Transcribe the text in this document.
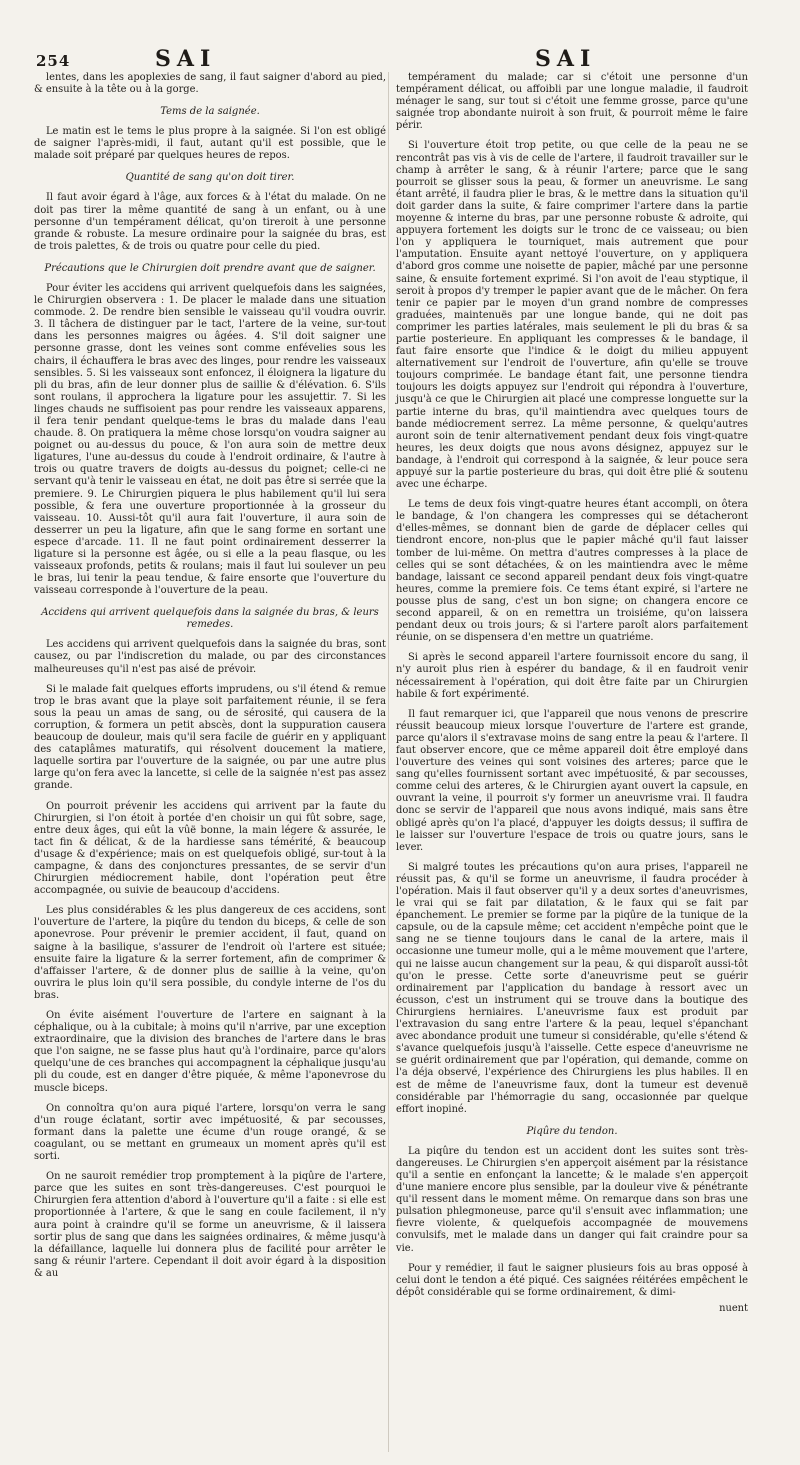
254	SAI	SAI

lentes, dans les apoplexies de sang, il faut saigner d'abord au pied, & ensuite à la tête ou à la gorge.

Tems de la saignée.

Le matin est le tems le plus propre à la saignée. Si l'on est obligé de saigner l'après-midi, il faut, autant qu'il est possible, que le malade soit préparé par quelques heures de repos.

Quantité de sang qu'on doit tirer.

Il faut avoir égard à l'âge, aux forces & à l'état du malade. On ne doit pas tirer la même quantité de sang à un enfant, ou à une personne d'un tempérament délicat, qu'on tireroit à une personne grande & robuste. La mesure ordinaire pour la saignée du bras, est de trois palettes, & de trois ou quatre pour celle du pied.

Précautions que le Chirurgien doit prendre avant que de saigner.

Pour éviter les accidens qui arrivent quelquefois dans les saignées, le Chirurgien observera : 1. De placer le malade dans une situation commode. 2. De rendre bien sensible le vaisseau qu'il voudra ouvrir. 3. Il tâchera de distinguer par le tact, l'artere de la veine, sur-tout dans les personnes maigres ou âgées. 4. S'il doit saigner une personne grasse, dont les veines sont comme enfévelies sous les chairs, il échauffera le bras avec des linges, pour rendre les vaisseaux sensibles. 5. Si les vaisseaux sont enfoncez, il éloignera la ligature du pli du bras, afin de leur donner plus de saillie & d'élévation. 6. S'ils sont roulans, il approchera la ligature pour les assujettir. 7. Si les linges chauds ne suffisoient pas pour rendre les vaisseaux apparens, il fera tenir pendant quelque-tems le bras du malade dans l'eau chaude. 8. On pratiquera la même chose lorsqu'on voudra saigner au poignet ou au-dessus du pouce, & l'on aura soin de mettre deux ligatures, l'une au-dessus du coude à l'endroit ordinaire, & l'autre à trois ou quatre travers de doigts au-dessus du poignet; celle-ci ne servant qu'à tenir le vaisseau en état, ne doit pas être si serrée que la premiere. 9. Le Chirurgien piquera le plus habilement qu'il lui sera possible, & fera une ouverture proportionnée à la grosseur du vaisseau. 10. Aussi-tôt qu'il aura fait l'ouverture, il aura soin de desserrer un peu la ligature, afin que le sang forme en sortant une espece d'arcade. 11. Il ne faut point ordinairement desserrer la ligature si la personne est âgée, ou si elle a la peau flasque, ou les vaisseaux profonds, petits & roulans; mais il faut lui soulever un peu le bras, lui tenir la peau tendue, & faire ensorte que l'ouverture du vaisseau corresponde à l'ouverture de la peau.

Accidens qui arrivent quelquefois dans la saignée du bras, & leurs remedes.

Les accidens qui arrivent quelquefois dans la saignée du bras, sont causez, ou par l'indiscretion du malade, ou par des circonstances malheureuses qu'il n'est pas aisé de prévoir.

Si le malade fait quelques efforts imprudens, ou s'il étend & remue trop le bras avant que la playe soit parfaitement réunie, il se fera sous la peau un amas de sang, ou de sérosité, qui causera de la corruption, & formera un petit abscès, dont la suppuration causera beaucoup de douleur, mais qu'il sera facile de guérir en y appliquant des cataplâmes maturatifs, qui résolvent doucement la matiere, laquelle sortira par l'ouverture de la saignée, ou par une autre plus large qu'on fera avec la lancette, si celle de la saignée n'est pas assez grande.

On pourroit prévenir les accidens qui arrivent par la faute du Chirurgien, si l'on étoit à portée d'en choisir un qui fût sobre, sage, entre deux âges, qui eût la vûë bonne, la main légere & assurée, le tact fin & délicat, & de la hardiesse sans témérité, & beaucoup d'usage & d'expérience; mais on est quelquefois obligé, sur-tout à la campagne, & dans des conjonctures pressantes, de se servir d'un Chirurgien médiocrement habile, dont l'opération peut être accompagnée, ou suivie de beaucoup d'accidens.

Les plus considérables & les plus dangereux de ces accidens, sont l'ouverture de l'artere, la piqûre du tendon du biceps, & celle de son aponevrose. Pour prévenir le premier accident, il faut, quand on saigne à la basilique, s'assurer de l'endroit où l'artere est située; ensuite faire la ligature & la serrer fortement, afin de comprimer & d'affaisser l'artere, & de donner plus de saillie à la veine, qu'on ouvrira le plus loin qu'il sera possible, du condyle interne de l'os du bras.

On évite aisément l'ouverture de l'artere en saignant à la céphalique, ou à la cubitale; à moins qu'il n'arrive, par une exception extraordinaire, que la division des branches de l'artere dans le bras que l'on saigne, ne se fasse plus haut qu'à l'ordinaire, parce qu'alors quelqu'une de ces branches qui accompagnent la céphalique jusqu'au pli du coude, est en danger d'être piquée, & même l'aponevrose du muscle biceps.

On connoîtra qu'on aura piqué l'artere, lorsqu'on verra le sang d'un rouge éclatant, sortir avec impétuosité, & par secousses, formant dans la palette une écume d'un rouge orangé, & se coagulant, ou se mettant en grumeaux un moment après qu'il est sorti.

On ne sauroit remédier trop promptement à la piqûre de l'artere, parce que les suites en sont très-dangereuses. C'est pourquoi le Chirurgien fera attention d'abord à l'ouverture qu'il a faite : si elle est proportionnée à l'artere, & que le sang en coule facilement, il n'y aura point à craindre qu'il se forme un aneuvrisme, & il laissera sortir plus de sang que dans les saignées ordinaires, & même jusqu'à la défaillance, laquelle lui donnera plus de facilité pour arrêter le sang & réunir l'artere. Cependant il doit avoir égard à la disposition & au

tempérament du malade; car si c'étoit une personne d'un tempérament délicat, ou affoibli par une longue maladie, il faudroit ménager le sang, sur tout si c'étoit une femme grosse, parce qu'une saignée trop abondante nuiroit à son fruit, & pourroit même le faire périr.

Si l'ouverture étoit trop petite, ou que celle de la peau ne se rencontrât pas vis à vis de celle de l'artere, il faudroit travailler sur le champ à arrêter le sang, & à réunir l'artere; parce que le sang pourroit se glisser sous la peau, & former un aneuvrisme. Le sang étant arrêté, il faudra plier le bras, & le mettre dans la situation qu'il doit garder dans la suite, & faire comprimer l'artere dans la partie moyenne & interne du bras, par une personne robuste & adroite, qui appuyera fortement les doigts sur le tronc de ce vaisseau; ou bien l'on y appliquera le tourniquet, mais autrement que pour l'amputation. Ensuite ayant nettoyé l'ouverture, on y appliquera d'abord gros comme une noisette de papier, mâché par une personne saine, & ensuite fortement exprimé. Si l'on avoit de l'eau styptique, il seroit à propos d'y tremper le papier avant que de le mâcher. On fera tenir ce papier par le moyen d'un grand nombre de compresses graduées, maintenuës par une longue bande, qui ne doit pas comprimer les parties latérales, mais seulement le pli du bras & sa partie posterieure. En appliquant les compresses & le bandage, il faut faire ensorte que l'indice & le doigt du milieu appuyent alternativement sur l'endroit de l'ouverture, afin qu'elle se trouve toujours comprimée. Le bandage étant fait, une personne tiendra toujours les doigts appuyez sur l'endroit qui répondra à l'ouverture, jusqu'à ce que le Chirurgien ait placé une compresse longuette sur la partie interne du bras, qu'il maintiendra avec quelques tours de bande médiocrement serrez. La même personne, & quelqu'autres auront soin de tenir alternativement pendant deux fois vingt-quatre heures, les deux doigts que nous avons désignez, appuyez sur le bandage, à l'endroit qui correspond à la saignée, & leur pouce sera appuyé sur la partie posterieure du bras, qui doit être plié & soutenu avec une écharpe.

Le tems de deux fois vingt-quatre heures étant accompli, on ôtera le bandage, & l'on changera les compresses qui se détacheront d'elles-mêmes, se donnant bien de garde de déplacer celles qui tiendront encore, non-plus que le papier mâché qu'il faut laisser tomber de lui-même. On mettra d'autres compresses à la place de celles qui se sont détachées, & on les maintiendra avec le même bandage, laissant ce second appareil pendant deux fois vingt-quatre heures, comme la premiere fois. Ce tems étant expiré, si l'artere ne pousse plus de sang, c'est un bon signe; on changera encore ce second appareil, & on en remettra un troisiéme, qu'on laissera pendant deux ou trois jours; & si l'artere paroît alors parfaitement réunie, on se dispensera d'en mettre un quatriéme.

Si après le second appareil l'artere fournissoit encore du sang, il n'y auroit plus rien à espérer du bandage, & il en faudroit venir nécessairement à l'opération, qui doit être faite par un Chirurgien habile & fort expérimenté.

Il faut remarquer ici, que l'appareil que nous venons de prescrire réussit beaucoup mieux lorsque l'ouverture de l'artere est grande, parce qu'alors il s'extravase moins de sang entre la peau & l'artere. Il faut observer encore, que ce même appareil doit être employé dans l'ouverture des veines qui sont voisines des arteres; parce que le sang qu'elles fournissent sortant avec impétuosité, & par secousses, comme celui des arteres, & le Chirurgien ayant ouvert la capsule, en ouvrant la veine, il pourroit s'y former un aneuvrisme vrai. Il faudra donc se servir de l'appareil que nous avons indiqué, mais sans être obligé après qu'on l'a placé, d'appuyer les doigts dessus; il suffira de le laisser sur l'ouverture l'espace de trois ou quatre jours, sans le lever.

Si malgré toutes les précautions qu'on aura prises, l'appareil ne réussit pas, & qu'il se forme un aneuvrisme, il faudra procéder à l'opération. Mais il faut observer qu'il y a deux sortes d'aneuvrismes, le vrai qui se fait par dilatation, & le faux qui se fait par épanchement. Le premier se forme par la piqûre de la tunique de la capsule, ou de la capsule même; cet accident n'empêche point que le sang ne se tienne toujours dans le canal de la artere, mais il occasionne une tumeur molle, qui a le même mouvement que l'artere, qui ne laisse aucun changement sur la peau, & qui disparoît aussi-tôt qu'on le presse. Cette sorte d'aneuvrisme peut se guérir ordinairement par l'application du bandage à ressort avec un écusson, c'est un instrument qui se trouve dans la boutique des Chirurgiens herniaires. L'aneuvrisme faux est produit par l'extravasion du sang entre l'artere & la peau, lequel s'épanchant avec abondance produit une tumeur si considérable, qu'elle s'étend & s'avance quelquefois jusqu'à l'aisselle. Cette espece d'aneuvrisme ne se guérit ordinairement que par l'opération, qui demande, comme on l'a déja observé, l'expérience des Chirurgiens les plus habiles. Il en est de même de l'aneuvrisme faux, dont la tumeur est devenuë considérable par l'hémorragie du sang, occasionnée par quelque effort inopiné.

Piqûre du tendon.

La piqûre du tendon est un accident dont les suites sont très-dangereuses. Le Chirurgien s'en apperçoit aisément par la résistance qu'il a sentie en enfonçant la lancette; & le malade s'en apperçoit d'une maniere encore plus sensible, par la douleur vive & pénétrante qu'il ressent dans le moment même. On remarque dans son bras une pulsation phlegmoneuse, parce qu'il s'ensuit avec inflammation; une fievre violente, & quelquefois accompagnée de mouvemens convulsifs, met le malade dans un danger qui fait craindre pour sa vie.

Pour y remédier, il faut le saigner plusieurs fois au bras opposé à celui dont le tendon a été piqué. Ces saignées réitérées empêchent le dépôt considérable qui se forme ordinairement, & dimi-

nuent
